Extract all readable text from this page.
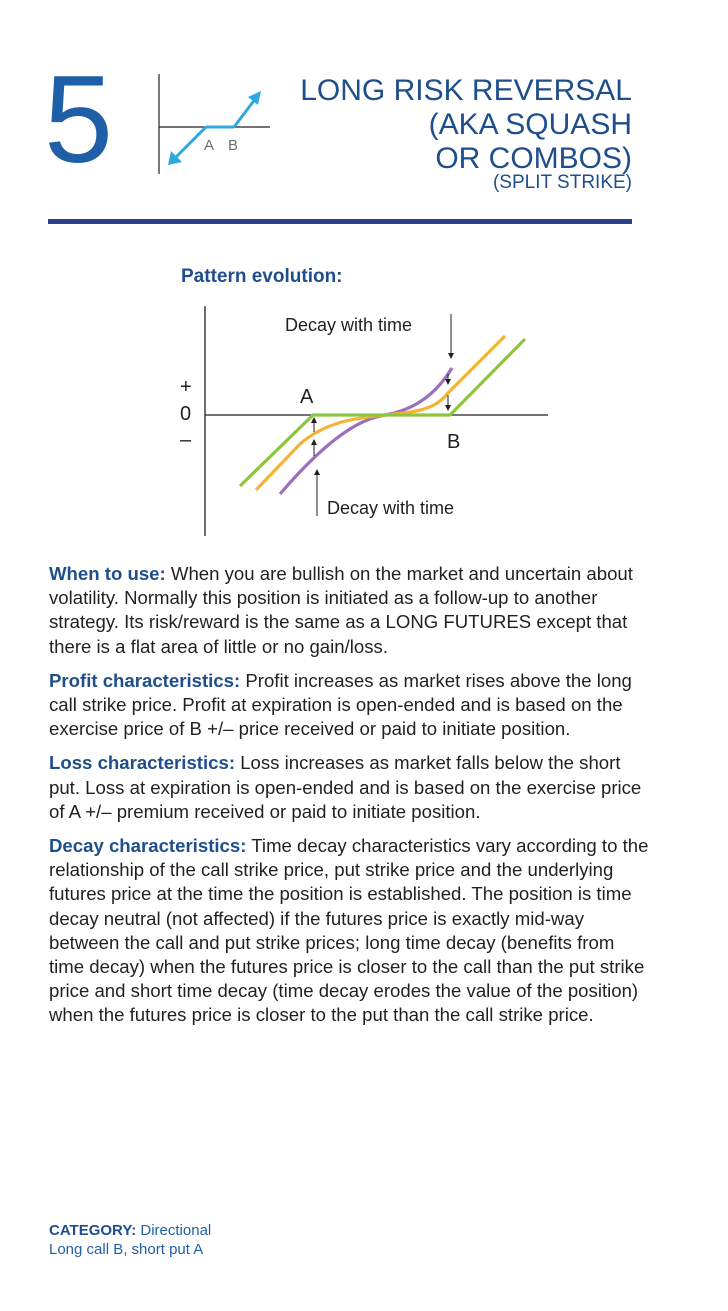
5	A B
LONG RISK REVERSAL
(AKA SQUASH
OR COMBOS)
(SPLIT STRIKE)
Pattern evolution:
Decay with time
Decay with time
+
0
–
A
B

When to use: When you are bullish on the market and uncertain about volatility. Normally this position is initiated as a follow-up to another strategy. Its risk/reward is the same as a LONG FUTURES except that there is a flat area of little or no gain/loss.

Profit characteristics: Profit increases as market rises above the long call strike price. Profit at expiration is open-ended and is based on the exercise price of B +/– price received or paid to initiate position.

Loss characteristics: Loss increases as market falls below the short put. Loss at expiration is open-ended and is based on the exercise price of A +/– premium received or paid to initiate position.

Decay characteristics: Time decay characteristics vary according to the relationship of the call strike price, put strike price and the underlying futures price at the time the position is established. The position is time decay neutral (not affected) if the futures price is exactly mid-way between the call and put strike prices; long time decay (benefits from time decay) when the futures price is closer to the call than the put strike price and short time decay (time decay erodes the value of the position) when the futures price is closer to the put than the call strike price.

CATEGORY: Directional
Long call B, short put A
